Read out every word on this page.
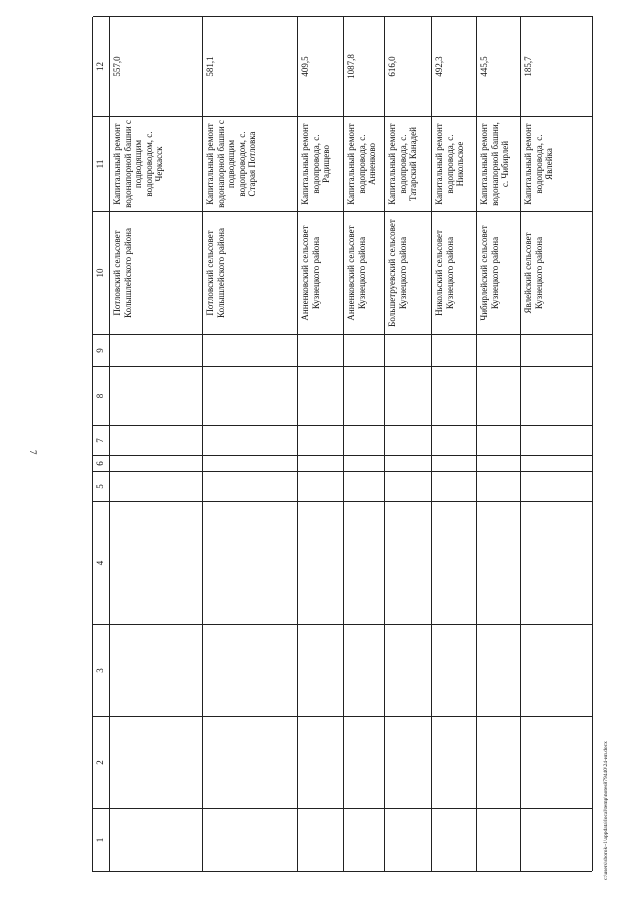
7
1
2
3
4
5
6
7
8
9
10
11
12
Потловский сельсовет Колышлейского района
Капитальный ремонт водонапорной башни с подводящим водопроводом, с. Черкасск
557,0
Потловский сельсовет Колышлейского района
Капитальный ремонт водонапорной башни с подводящим водопроводом, с. Старая Потловка
581,1
Анненковский сельсовет Кузнецкого района
Капитальный ремонт водопровода, с. Радищево
409,5
Анненковский сельсовет Кузнецкого района
Капитальный ремонт водопровода, с. Анненково
1087,8
Большетруевский сельсовет Кузнецкого района
Капитальный ремонт водопровода, с. Татарский Канадей
616,0
Никольский сельсовет Кузнецкого района
Капитальный ремонт водопровода, с. Никольское
492,3
Чибирлейский сельсовет Кузнецкого района
Капитальный ремонт водонапорной башни, с. Чибирлей
445,5
Явлейский сельсовет Кузнецкого района
Капитальный ремонт водопровода, с. Явлейка
185,7
c:\users\sborok~1\appdata\local\temp\notes879440\24-ип.docx
